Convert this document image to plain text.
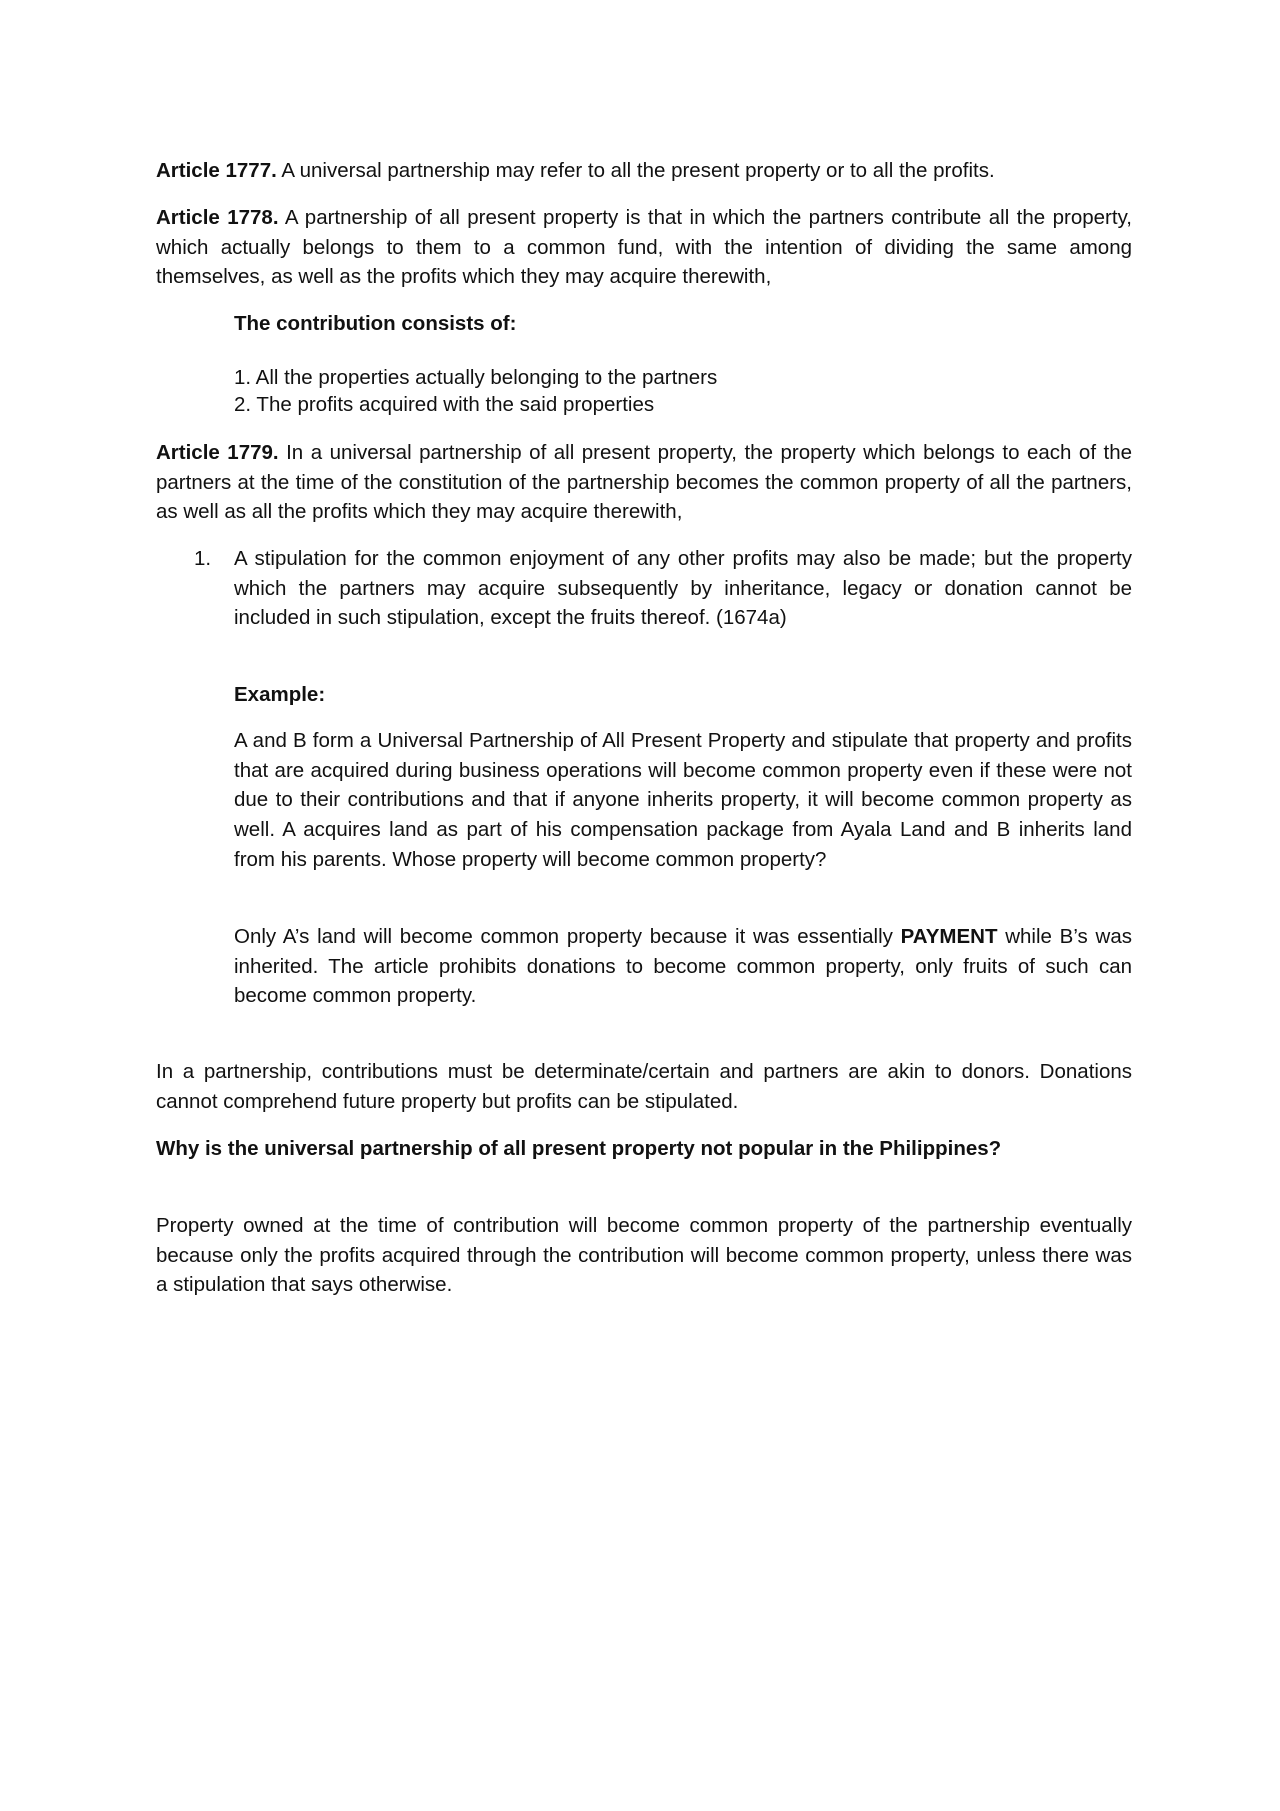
Article 1777. A universal partnership may refer to all the present property or to all the profits.

Article 1778. A partnership of all present property is that in which the partners contribute all the property, which actually belongs to them to a common fund, with the intention of dividing the same among themselves, as well as the profits which they may acquire therewith,

The contribution consists of:

1. All the properties actually belonging to the partners
2. The profits acquired with the said properties

Article 1779. In a universal partnership of all present property, the property which belongs to each of the partners at the time of the constitution of the partnership becomes the common property of all the partners, as well as all the profits which they may acquire therewith,

1. A stipulation for the common enjoyment of any other profits may also be made; but the property which the partners may acquire subsequently by inheritance, legacy or donation cannot be included in such stipulation, except the fruits thereof. (1674a)

Example:

A and B form a Universal Partnership of All Present Property and stipulate that property and profits that are acquired during business operations will become common property even if these were not due to their contributions and that if anyone inherits property, it will become common property as well. A acquires land as part of his compensation package from Ayala Land and B inherits land from his parents. Whose property will become common property?

Only A’s land will become common property because it was essentially PAYMENT while B’s was inherited. The article prohibits donations to become common property, only fruits of such can become common property.

In a partnership, contributions must be determinate/certain and partners are akin to donors. Donations cannot comprehend future property but profits can be stipulated.

Why is the universal partnership of all present property not popular in the Philippines?

Property owned at the time of contribution will become common property of the partnership eventually because only the profits acquired through the contribution will become common property, unless there was a stipulation that says otherwise.
